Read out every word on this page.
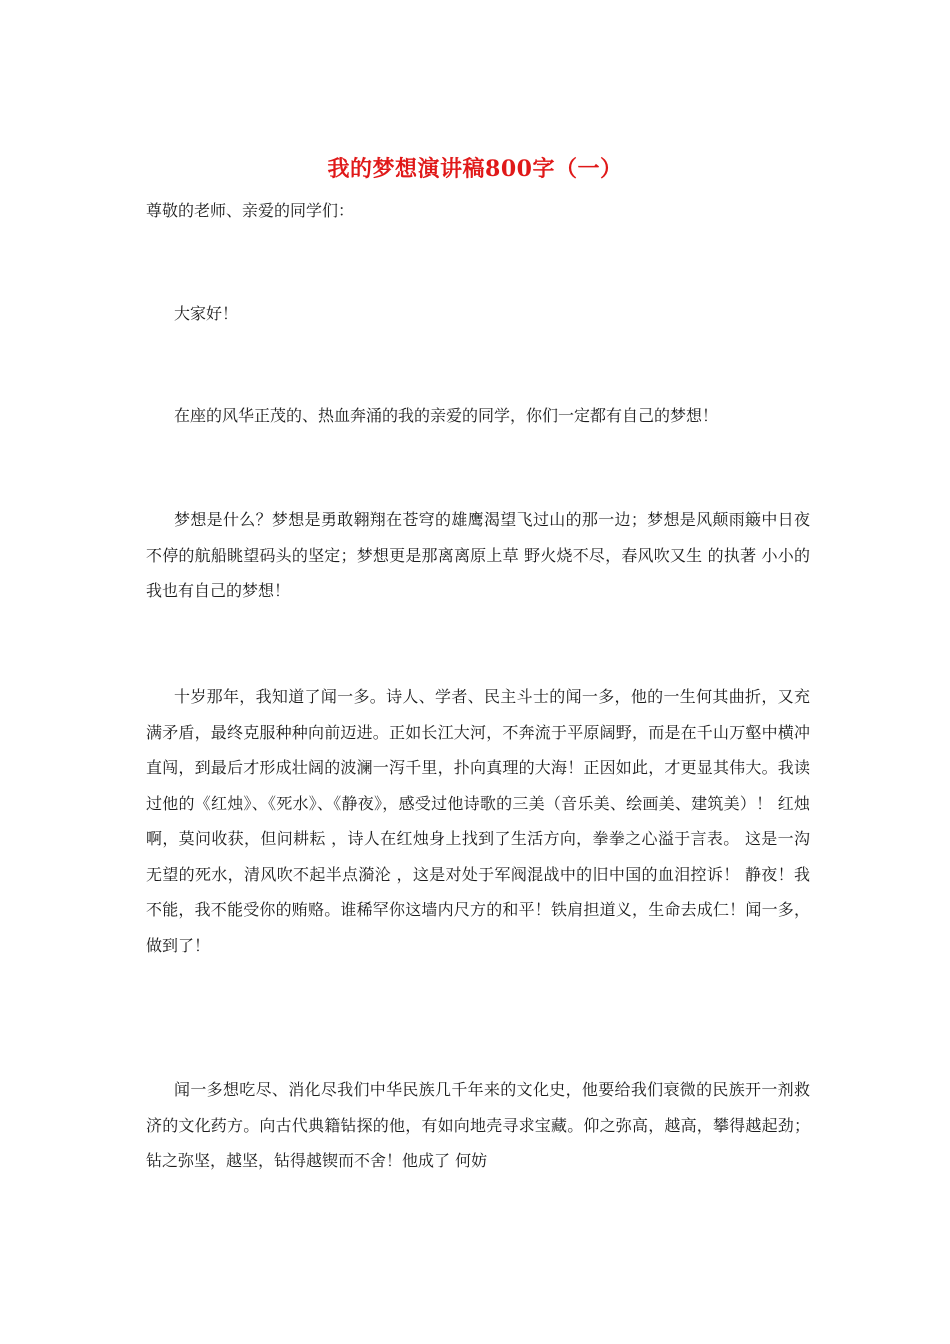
我的梦想演讲稿800字（一）

尊敬的老师、亲爱的同学们：

大家好！

在座的风华正茂的、热血奔涌的我的亲爱的同学，你们一定都有自己的梦想！

梦想是什么？梦想是勇敢翱翔在苍穹的雄鹰渴望飞过山的那一边；梦想是风颠雨簸中日夜不停的航船眺望码头的坚定；梦想更是那离离原上草 野火烧不尽，春风吹又生 的执著 小小的我也有自己的梦想！

十岁那年，我知道了闻一多。诗人、学者、民主斗士的闻一多，他的一生何其曲折，又充满矛盾，最终克服种种向前迈进。正如长江大河，不奔流于平原阔野，而是在千山万壑中横冲直闯，到最后才形成壮阔的波澜一泻千里，扑向真理的大海！正因如此，才更显其伟大。我读过他的《红烛》、《死水》、《静夜》，感受过他诗歌的三美（音乐美、绘画美、建筑美）！ 红烛啊，莫问收获，但问耕耘 ，诗人在红烛身上找到了生活方向，拳拳之心溢于言表。 这是一沟无望的死水，清风吹不起半点漪沦 ，这是对处于军阀混战中的旧中国的血泪控诉！ 静夜！我不能，我不能受你的贿赂。谁稀罕你这墙内尺方的和平！铁肩担道义，生命去成仁！闻一多，做到了！

闻一多想吃尽、消化尽我们中华民族几千年来的文化史，他要给我们衰微的民族开一剂救济的文化药方。向古代典籍钻探的他，有如向地壳寻求宝藏。仰之弥高，越高，攀得越起劲；钻之弥坚，越坚，钻得越锲而不舍！他成了 何妨
